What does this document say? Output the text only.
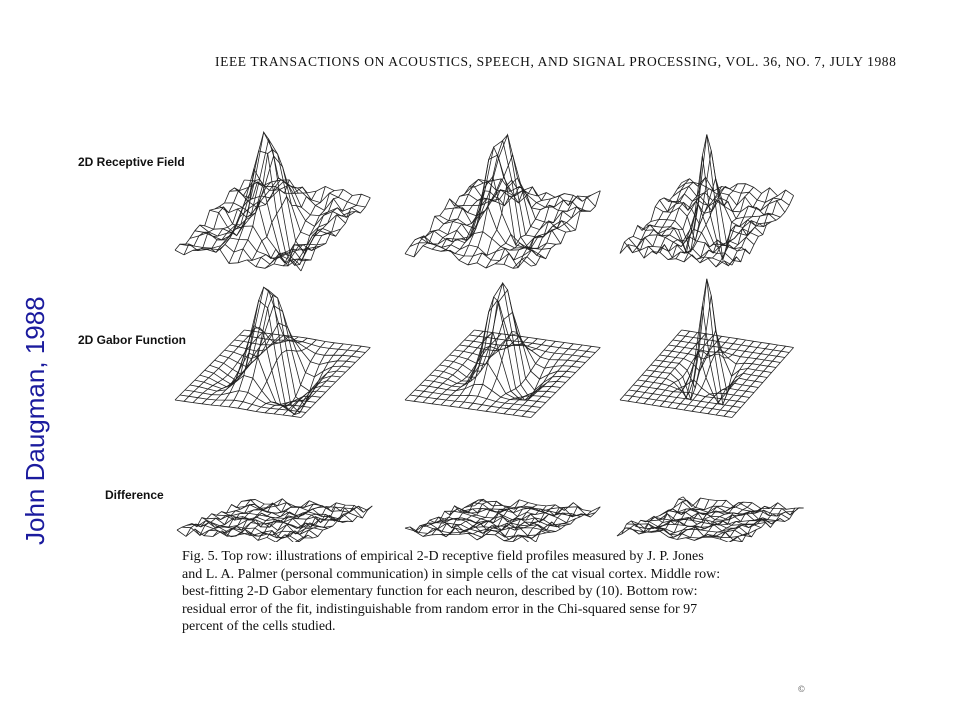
John Daugman, 1988
IEEE TRANSACTIONS ON ACOUSTICS, SPEECH, AND SIGNAL PROCESSING, VOL. 36, NO. 7, JULY 1988
2D Receptive Field
2D Gabor Function
Difference

Fig. 5. Top row: illustrations of empirical 2-D receptive field profiles measured by J. P. Jones and L. A. Palmer (personal communication) in simple cells of the cat visual cortex. Middle row: best-fitting 2-D Gabor elementary function for each neuron, described by (10). Bottom row: residual error of the fit, indistinguishable from random error in the Chi-squared sense for 97 percent of the cells studied.

©
